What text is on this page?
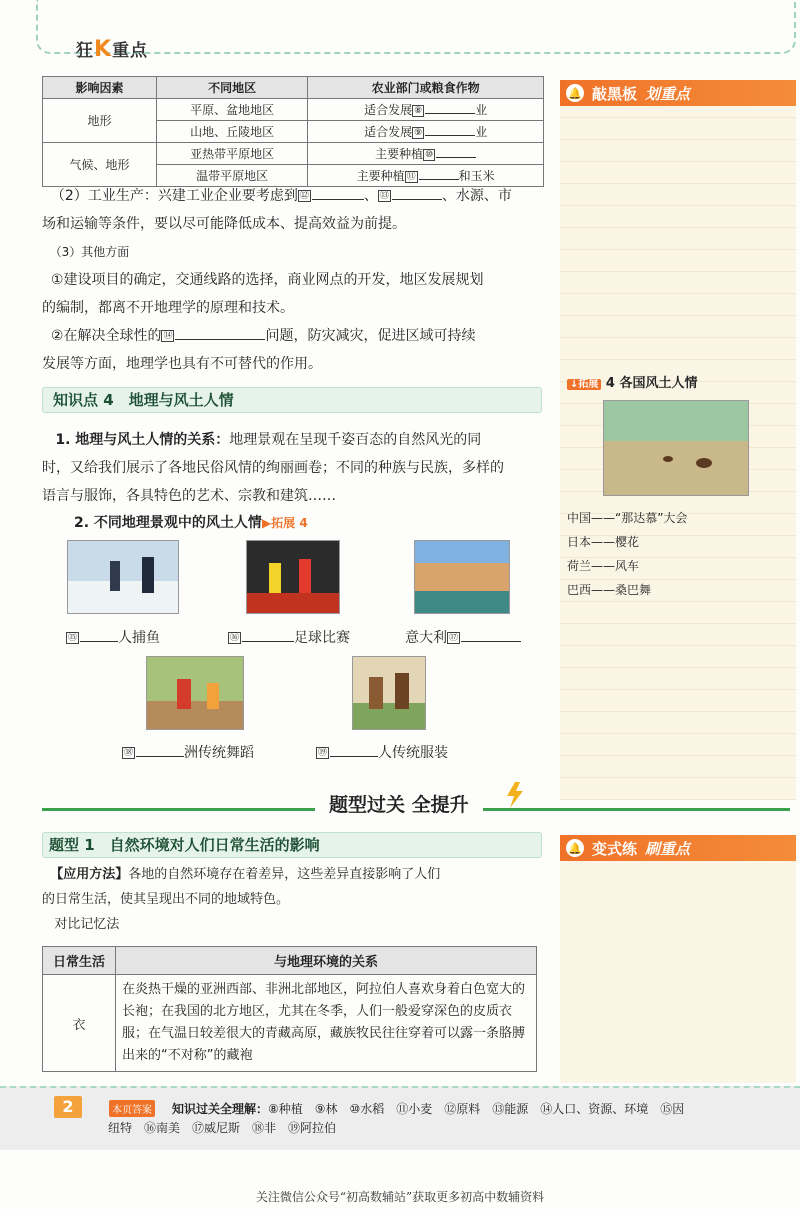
狂K重点
🔔 敲黑板 划重点
↓拓展 4 各国风土人情
中国——“那达慕”大会
日本——樱花
荷兰——风车
巴西——桑巴舞
影响因素	不同地区	农业部门或粮食作物
地形	平原、盆地地区	适合发展 ⑧ 业
	山地、丘陵地区	适合发展 ⑨ 业
气候、地形	亚热带平原地区	主要种植 ⑩
	温带平原地区	主要种植 ⑪ 和玉米
（2）工业生产：兴建工业企业要考虑到 ⑫	、 ⑬	、水源、市
场和运输等条件，要以尽可能降低成本、提高效益为前提。
（3）其他方面
①建设项目的确定，交通线路的选择，商业网点的开发，地区发展规划
的编制，都离不开地理学的原理和技术。
②在解决全球性的 ⑭	问题，防灾减灾，促进区域可持续
发展等方面，地理学也具有不可替代的作用。
知识点 4　地理与风土人情
1. 地理与风土人情的关系：地理景观在呈现千姿百态的自然风光的同
时，又给我们展示了各地民俗风情的绚丽画卷；不同的种族与民族，多样的
语言与服饰，各具特色的艺术、宗教和建筑……
2. 不同地理景观中的风土人情▶拓展 4
⑮	人捕鱼	⑯	足球比赛	意大利 ⑰
⑱	洲传统舞蹈	⑲	人传统服装
题型过关 全提升
🔔 变式练 刷重点
题型 1　自然环境对人们日常生活的影响
【应用方法】各地的自然环境存在着差异，这些差异直接影响了人们
的日常生活，使其呈现出不同的地域特色。
对比记忆法
日常生活	与地理环境的关系
衣	在炎热干燥的亚洲西部、非洲北部地区，阿拉伯人喜欢身着白色宽大的长袍；在我国的北方地区，尤其在冬季，人们一般爱穿深色的皮质衣服；在气温日较差很大的青藏高原，藏族牧民往往穿着可以露一条胳膊出来的“不对称”的藏袍
2	本页答案 知识过关全理解：⑧种植　⑨林　⑩水稻　⑪小麦　⑫原料　⑬能源　⑭人口、资源、环境　⑮因
纽特　⑯南美　⑰威尼斯　⑱非　⑲阿拉伯
关注微信公众号“初高数辅站”获取更多初高中数辅资料
